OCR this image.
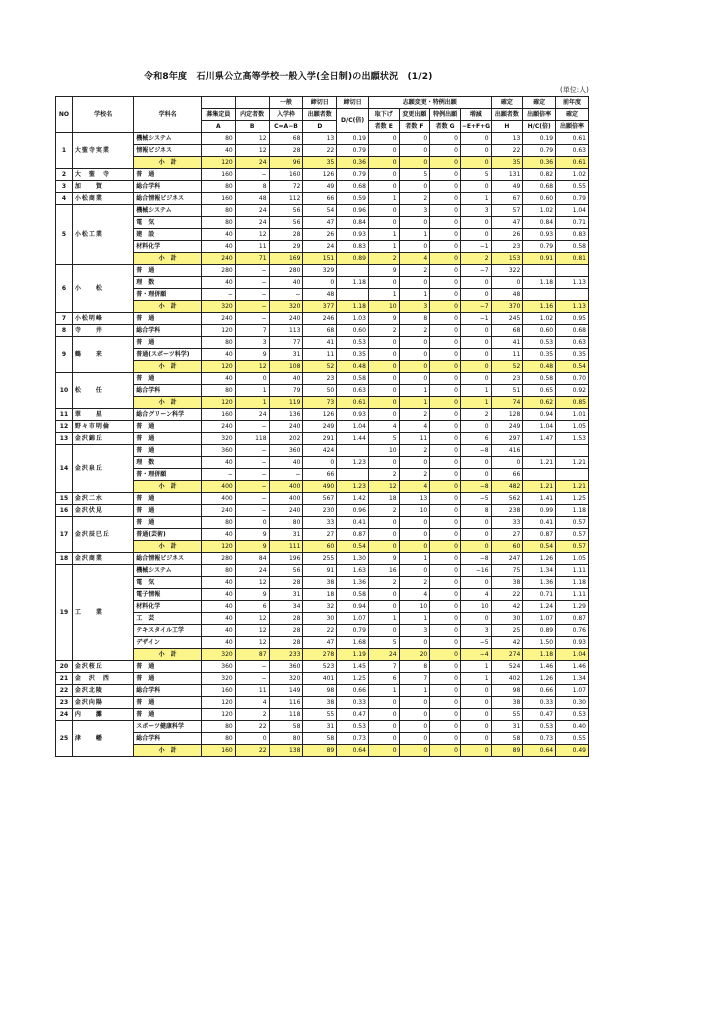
令和8年度　石川県公立高等学校一般入学(全日制)の出願状況　(1/2)
(単位:人)
NO	学校名	学科名			一般	締切日	締切日	志願変更・特例出願				確定	確定	前年度
			募集定員	内定者数	入学枠	出願者数	D/C(倍)	取下げ	変更出願	特例出願	増減	出願者数	出願倍率	確定
			A	B	C=A−B	D		者数 E	者数 F	者数 G	−E+F+G	H	H/C(倍)	出願倍率
1	大聖寺実業	機械システム	80	12	68	13	0.19	0	0	0	0	13	0.19	0.61
		情報ビジネス	40	12	28	22	0.79	0	0	0	0	22	0.79	0.63
		小　計	120	24	96	35	0.36	0	0	0	0	35	0.36	0.61
2	大　聖　寺	普　通	160	−	160	126	0.79	0	5	0	5	131	0.82	1.02
3	加　　賀	総合学科	80	8	72	49	0.68	0	0	0	0	49	0.68	0.55
4	小松商業	総合情報ビジネス	160	48	112	66	0.59	1	2	0	1	67	0.60	0.79
5	小松工業	機械システム	80	24	56	54	0.96	0	3	0	3	57	1.02	1.04
		電　気	80	24	56	47	0.84	0	0	0	0	47	0.84	0.71
		建　設	40	12	28	26	0.93	1	1	0	0	26	0.93	0.83
		材料化学	40	11	29	24	0.83	1	0	0	−1	23	0.79	0.58
		小　計	240	71	169	151	0.89	2	4	0	2	153	0.91	0.81
6	小　　松	普　通	280	−	280	329		9	2	0	−7	322		
		理　数	40	−	40	0	1.18	0	0	0	0	0	1.18	1.13
		普・理併願	−	−	−	48		1	1	0	0	48		
		小　計	320	−	320	377	1.18	10	3	0	−7	370	1.16	1.13
7	小松明峰	普　通	240	−	240	246	1.03	9	8	0	−1	245	1.02	0.95
8	寺　　井	総合学科	120	7	113	68	0.60	2	2	0	0	68	0.60	0.68
9	鶴　　来	普　通	80	3	77	41	0.53	0	0	0	0	41	0.53	0.63
		普通(スポーツ科学)	40	9	31	11	0.35	0	0	0	0	11	0.35	0.35
		小　計	120	12	108	52	0.48	0	0	0	0	52	0.48	0.54
10	松　　任	普　通	40	0	40	23	0.58	0	0	0	0	23	0.58	0.70
		総合学科	80	1	79	50	0.63	0	1	0	1	51	0.65	0.92
		小　計	120	1	119	73	0.61	0	1	0	1	74	0.62	0.85
11	翠　　星	総合グリーン科学	160	24	136	126	0.93	0	2	0	2	128	0.94	1.01
12	野々市明倫	普　通	240	−	240	249	1.04	4	4	0	0	249	1.04	1.05
13	金沢錦丘	普　通	320	118	202	291	1.44	5	11	0	6	297	1.47	1.53
14	金沢泉丘	普　通	360	−	360	424		10	2	0	−8	416		
		理　数	40	−	40	0	1.23	0	0	0	0	0	1.21	1.21
		普・理併願	−	−	−	66		2	2	0	0	66		
		小　計	400	−	400	490	1.23	12	4	0	−8	482	1.21	1.21
15	金沢二水	普　通	400	−	400	567	1.42	18	13	0	−5	562	1.41	1.25
16	金沢伏見	普　通	240	−	240	230	0.96	2	10	0	8	238	0.99	1.18
17	金沢辰巳丘	普　通	80	0	80	33	0.41	0	0	0	0	33	0.41	0.57
		普通(芸術)	40	9	31	27	0.87	0	0	0	0	27	0.87	0.57
		小　計	120	9	111	60	0.54	0	0	0	0	60	0.54	0.57
18	金沢商業	総合情報ビジネス	280	84	196	255	1.30	9	1	0	−8	247	1.26	1.05
19	工　　業	機械システム	80	24	56	91	1.63	16	0	0	−16	75	1.34	1.11
		電　気	40	12	28	38	1.36	2	2	0	0	38	1.36	1.18
		電子情報	40	9	31	18	0.58	0	4	0	4	22	0.71	1.11
		材料化学	40	6	34	32	0.94	0	10	0	10	42	1.24	1.29
		工　芸	40	12	28	30	1.07	1	1	0	0	30	1.07	0.87
		テキスタイル工学	40	12	28	22	0.79	0	3	0	3	25	0.89	0.76
		デザイン	40	12	28	47	1.68	5	0	0	−5	42	1.50	0.93
		小　計	320	87	233	278	1.19	24	20	0	−4	274	1.18	1.04
20	金沢桜丘	普　通	360	−	360	523	1.45	7	8	0	1	524	1.46	1.46
21	金　沢　西	普　通	320	−	320	401	1.25	6	7	0	1	402	1.26	1.34
22	金沢北陵	総合学科	160	11	149	98	0.66	1	1	0	0	98	0.66	1.07
23	金沢向陽	普　通	120	4	116	38	0.33	0	0	0	0	38	0.33	0.30
24	内　　灘	普　通	120	2	118	55	0.47	0	0	0	0	55	0.47	0.53
25	津　　幡	スポーツ健康科学	80	22	58	31	0.53	0	0	0	0	31	0.53	0.40
		総合学科	80	0	80	58	0.73	0	0	0	0	58	0.73	0.55
		小　計	160	22	138	89	0.64	0	0	0	0	89	0.64	0.49
